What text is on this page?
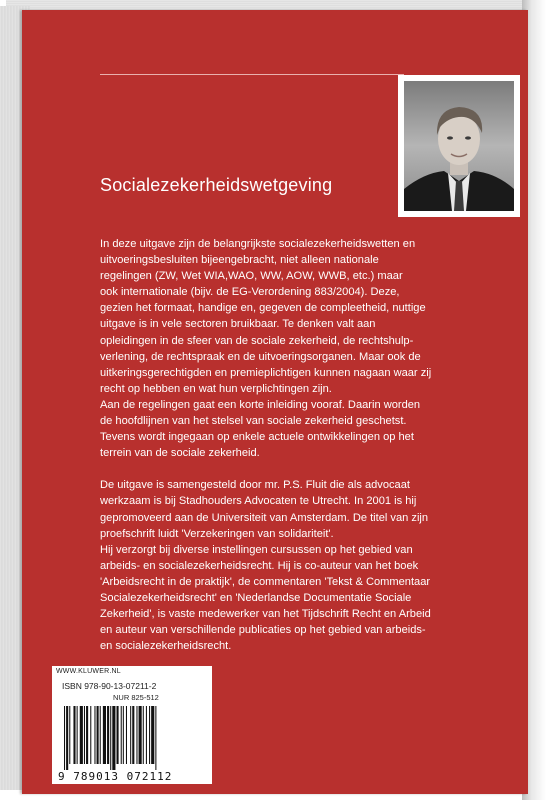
Socialezekerheidswetgeving

In deze uitgave zijn de belangrijkste socialezekerheidswetten en

uitvoeringsbesluiten bijeengebracht, niet alleen nationale

regelingen (ZW, Wet WIA,WAO, WW, AOW, WWB, etc.) maar

ook internationale (bijv. de EG-Verordening 883/2004). Deze,

gezien het formaat, handige en, gegeven de compleetheid, nuttige

uitgave is in vele sectoren bruikbaar. Te denken valt aan

opleidingen in de sfeer van de sociale zekerheid, de rechtshulp-

verlening, de rechtspraak en de uitvoeringsorganen. Maar ook de

uitkeringsgerechtigden en premieplichtigen kunnen nagaan waar zij

recht op hebben en wat hun verplichtingen zijn.

Aan de regelingen gaat een korte inleiding vooraf. Daarin worden

de hoofdlijnen van het stelsel van sociale zekerheid geschetst.

Tevens wordt ingegaan op enkele actuele ontwikkelingen op het

terrein van de sociale zekerheid.

De uitgave is samengesteld door mr. P.S. Fluit die als advocaat

werkzaam is bij Stadhouders Advocaten te Utrecht. In 2001 is hij

gepromoveerd aan de Universiteit van Amsterdam. De titel van zijn

proefschrift luidt 'Verzekeringen van solidariteit'.

Hij verzorgt bij diverse instellingen cursussen op het gebied van

arbeids- en socialezekerheidsrecht. Hij is co-auteur van het boek

'Arbeidsrecht in de praktijk', de commentaren 'Tekst & Commentaar

Socialezekerheidsrecht' en 'Nederlandse Documentatie Sociale

Zekerheid', is vaste medewerker van het Tijdschrift Recht en Arbeid

en auteur van verschillende publicaties op het gebied van arbeids-

en socialezekerheidsrecht.

WWW.KLUWER.NL
ISBN 978-90-13-07211-2
NUR 825-512
9 789013 072112
